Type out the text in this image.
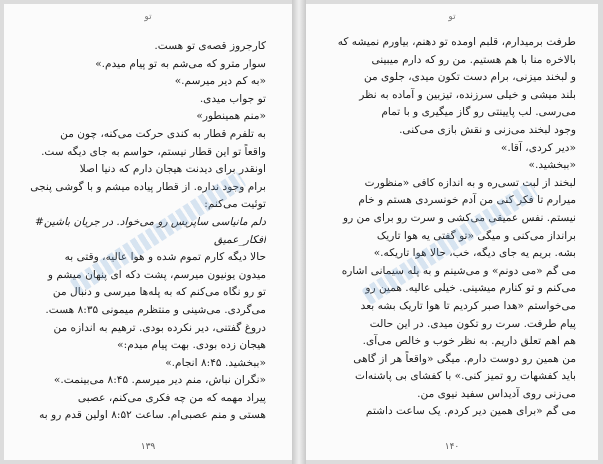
تو
کارجروز قصه‌ی تو هست.
سوار مترو که می‌شم به تو پیام میدم.»
«به کم دیر میرسم.»
تو جواب میدی.
«منم همینطور»
به تلفرم قطار به کندی حرکت می‌کنه، چون من
واقعاً تو این قطار نیستم، حواسم به جای دیگه ست.
اونقدر برای دیدنت هیجان دارم که دنیا اصلا
برام وجود نداره. از قطار پیاده میشم و با گوشی پنجی
توئیت می‌کنم:
دلم مانیاسی ساپریس رو می‌خواد. در جریان باشین#
افکار_عمیق
حالا دیگه کارم تموم شده و هوا عالیه، وقتی به
میدون یونیون میرسم، پشت دکه ای پنهان میشم و
تو رو نگاه می‌کنم که به پله‌ها میرسی و دنبال من
می‌گردی. می‌شینی و منتظرم میمونی ۸:۳۵ هست.
دروغ گفتنی، دیر نکرده بودی. ترهیم به اندازه من
هیجان زده بودی. بهت پیام میدم:»
«ببخشید. ۸:۴۵ انجام.»
«نگران نباش، منم دیر میرسم. ۸:۴۵ می‌بینمت.»
پیراد مهمه که من چه فکری می‌کنم، عصبی
هستی و منم عصبی‌ام. ساعت ۸:۵۲ اولین قدم رو به
۱۳۹
تو
طرفت برمیدارم، قلبم اومده تو دهنم، بیاورم نمیشه که
بالاخره منا با هم هستیم. من رو که دارم میبینی
و لبخند میزنی، برام دست تکون میدی، جلوی من
بلند میشی و خیلی سرزنده، تیزبین و آماده به نظر
می‌رسی. لب پایینتی رو گاز میگیری و با تمام
وجود لبخند می‌زنی و نقش بازی می‌کنی.
«دیر کردی، آقا.»
«ببخشید.»
لبخند از لبت تسی‌ره و به اندازه کافی «منظورت
میرارم تا فکر کنی من آدم خونسردی هستم و خام
نیستم. نفس عمیقی می‌کشی و سرت رو برای من رو
برانداز می‌کنی و میگی «تو گفتی یه هوا تاریک
بشه. بریم یه جای دیگه، خب، حالا هوا تاریکه.»
می گم «می دونم» و می‌شینم و به پله سیمانی اشاره
می‌کنم و تو کنارم میشینی. خیلی عالیه. همین رو
می‌خواستم «هدا صبر کردیم تا هوا تاریک بشه بعد
پیام طرفت. سرت رو تکون میدی. در این حالت
هم اهم تعلق داریم. به نظر خوب و خالص می‌آی.
من همین رو دوست دارم. میگی «واقعاً هر از گاهی
باید کفشهات رو تمیز کنی.» با کفشای بی پاشنه‌ات
می‌زنی روی آدیداس سفید نیوی من.
می گم «برای همین دیر کردم. یک ساعت داشتم
۱۴۰
